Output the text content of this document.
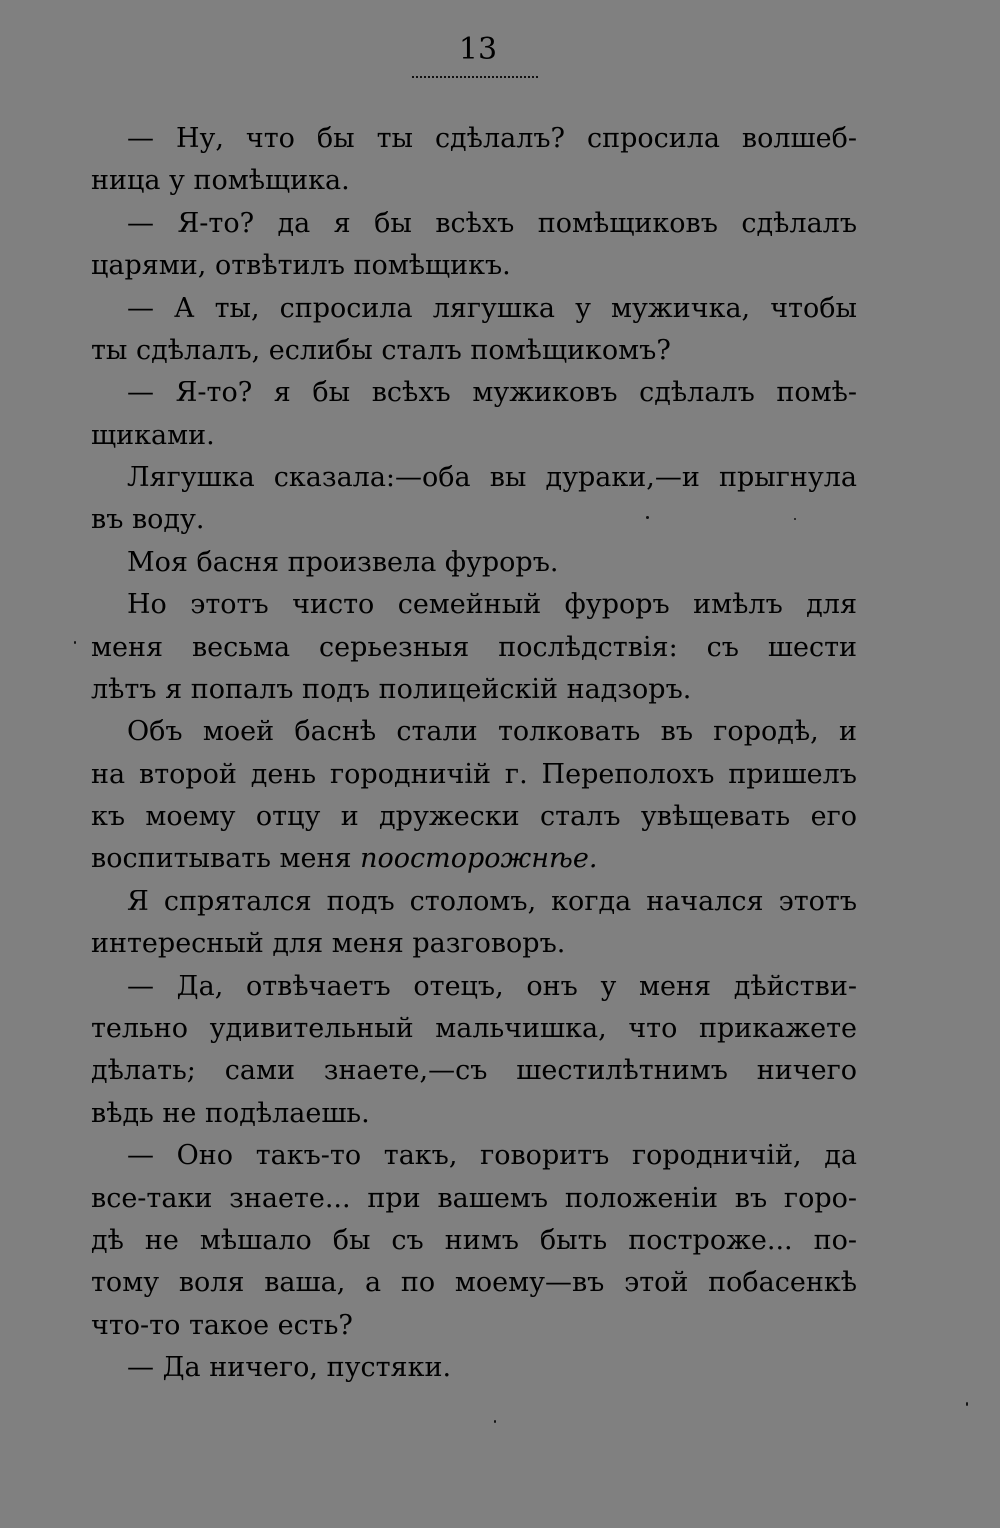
13
— Ну, что бы ты сдѣлалъ? спросила волшеб-
ница у помѣщика.
— Я-то? да я бы всѣхъ помѣщиковъ сдѣлалъ
царями, отвѣтилъ помѣщикъ.
— А ты, спросила лягушка у мужичка, чтобы
ты сдѣлалъ, еслибы сталъ помѣщикомъ?
— Я-то? я бы всѣхъ мужиковъ сдѣлалъ помѣ-
щиками.
Лягушка сказала:—оба вы дураки,—и прыгнула
въ воду.
Моя басня произвела фуроръ.
Но этотъ чисто семейный фуроръ имѣлъ для
меня весьма серьезныя послѣдствія: съ шести
лѣтъ я попалъ подъ полицейскій надзоръ.
Объ моей баснѣ стали толковать въ городѣ, и
на второй день городничій г. Переполохъ пришелъ
къ моему отцу и дружески сталъ увѣщевать его
воспитывать меня поосторожнѣе.
Я спрятался подъ столомъ, когда начался этотъ
интересный для меня разговоръ.
— Да, отвѣчаетъ отецъ, онъ у меня дѣйстви-
тельно удивительный мальчишка, что прикажете
дѣлать; сами знаете,—съ шестилѣтнимъ ничего
вѣдь не подѣлаешь.
— Оно такъ-то такъ, говоритъ городничій, да
все-таки знаете... при вашемъ положеніи въ горо-
дѣ не мѣшало бы съ нимъ быть построже... по-
тому воля ваша, а по моему—въ этой побасенкѣ
что-то такое есть?
— Да ничего, пустяки.
